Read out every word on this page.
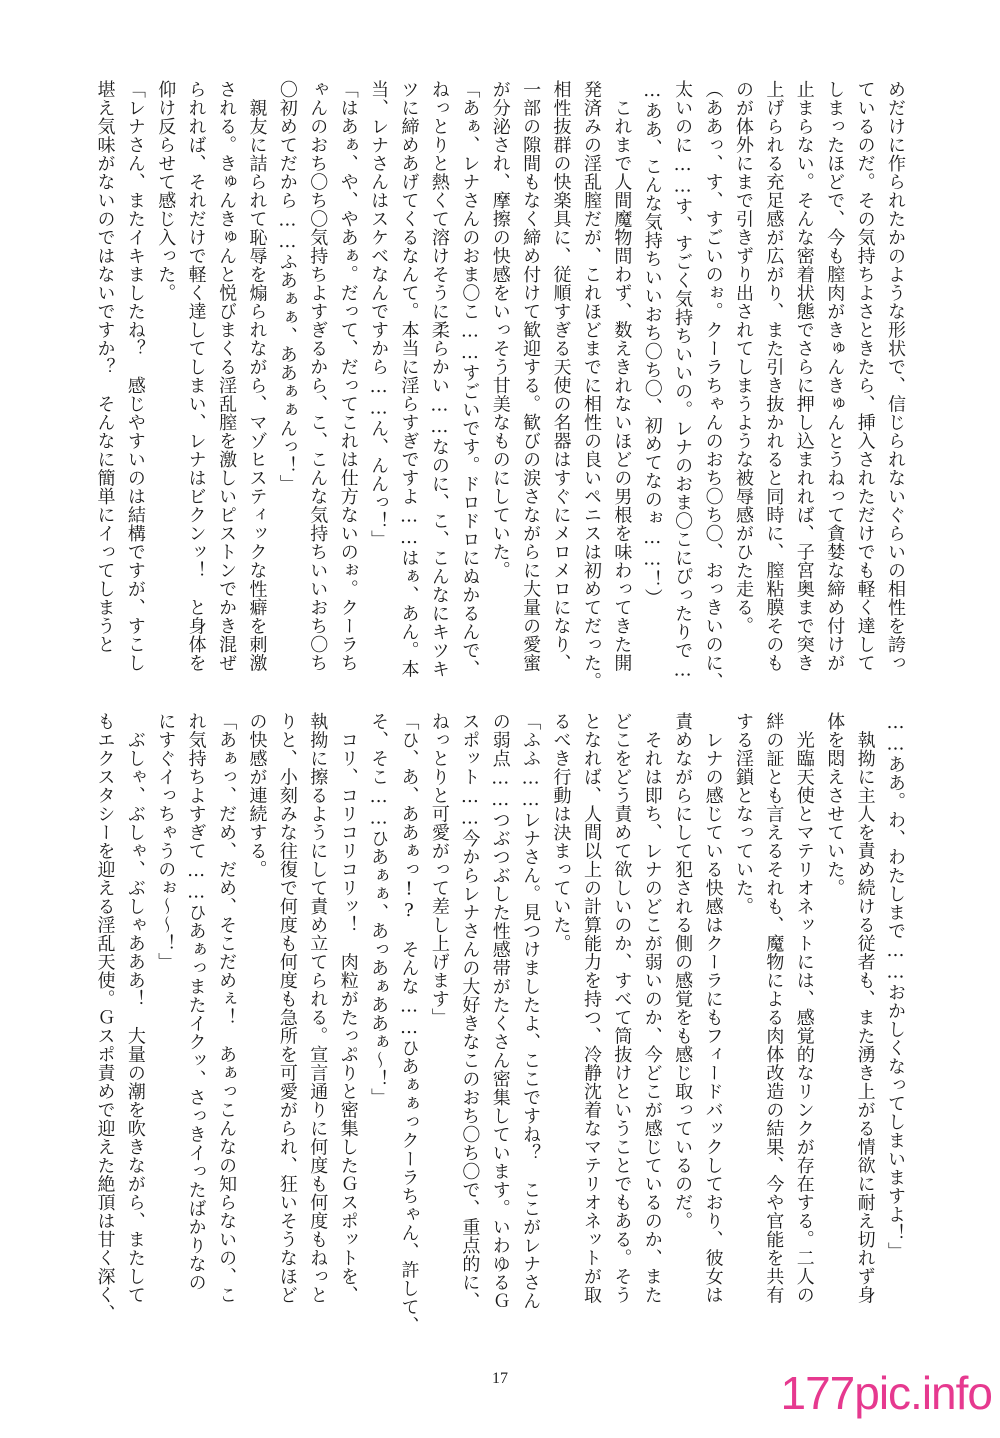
めだけに作られたかのような形状で、信じられないぐらいの相性を誇っ

ているのだ。その気持ちよさときたら、挿入されただけでも軽く達して

しまったほどで、今も膣肉がきゅんきゅんとうねって貪婪な締め付けが

止まらない。そんな密着状態でさらに押し込まれれば、子宮奥まで突き

上げられる充足感が広がり、また引き抜かれると同時に、膣粘膜そのも

のが体外にまで引きずり出されてしまうような被辱感がひた走る。

（ああっ、す、すごいのぉ。クーラちゃんのおち〇ち〇、おっきいのに、

太いのに……す、すごく気持ちいいの。レナのおま〇こにぴったりで…

…ああ、こんな気持ちいいおち〇ち〇、初めてなのぉ……！）

　これまで人間魔物問わず、数えきれないほどの男根を味わってきた開

発済みの淫乱膣だが、これほどまでに相性の良いペニスは初めてだった。

相性抜群の快楽具に、従順すぎる天使の名器はすぐにメロメロになり、

一部の隙間もなく締め付けて歓迎する。歓びの涙さながらに大量の愛蜜

が分泌され、摩擦の快感をいっそう甘美なものにしていた。

「あぁ、レナさんのおま〇こ……すごいです。ドロドロにぬかるんで、

ねっとりと熱くて溶けそうに柔らかい……なのに、こ、こんなにキツキ

ツに締めあげてくるなんて。本当に淫らすぎですよ……はぁ、あん。本

当、レナさんはスケベなんですから……ん、んんっ！」

「はあぁ、や、やあぁ。だって、だってこれは仕方ないのぉ。クーラち

ゃんのおち〇ち〇気持ちよすぎるから、こ、こんな気持ちいいおち〇ち

〇初めてだから……ふあぁぁ、ああぁぁんっ！」

　親友に詰られて恥辱を煽られながら、マゾヒスティックな性癖を刺激

される。きゅんきゅんと悦びまくる淫乱膣を激しいピストンでかき混ぜ

られれば、それだけで軽く達してしまい、レナはビクンッ！　と身体を

仰け反らせて感じ入った。

「レナさん、またイキましたね？　感じやすいのは結構ですが、すこし

堪え気味がないのではないですか？　そんなに簡単にイってしまうと

……ああ。わ、わたしまで……おかしくなってしまいますよ！」

　執拗に主人を責め続ける従者も、また湧き上がる情欲に耐え切れず身

体を悶えさせていた。

　光臨天使とマテリオネットには、感覚的なリンクが存在する。二人の

絆の証とも言えるそれも、魔物による肉体改造の結果、今や官能を共有

する淫鎖となっていた。

　レナの感じている快感はクーラにもフィードバックしており、彼女は

責めながらにして犯される側の感覚をも感じ取っているのだ。

　それは即ち、レナのどこが弱いのか、今どこが感じているのか、また

どこをどう責めて欲しいのか、すべて筒抜けということでもある。そう

となれば、人間以上の計算能力を持つ、冷静沈着なマテリオネットが取

るべき行動は決まっていた。

「ふふ……レナさん。見つけましたよ、ここですね？　ここがレナさん

の弱点……つぶつぶした性感帯がたくさん密集しています。いわゆるＧ

スポット……今からレナさんの大好きなこのおち〇ち〇で、重点的に、

ねっとりと可愛がって差し上げます」

「ひ、あ、ああぁっ!?　そんな……ひあぁぁっクーラちゃん、許して、

そ、そこ……ひあぁぁ、あっあぁああぁ～！」

　コリ、コリコリコリッ！　肉粒がたっぷりと密集したＧスポットを、

執拗に擦るようにして責め立てられる。宣言通りに何度も何度もねっと

りと、小刻みな往復で何度も何度も急所を可愛がられ、狂いそうなほど

の快感が連続する。

「あぁっ、だめ、だめ、そこだめぇ！　あぁっこんなの知らないの、こ

れ気持ちよすぎて……ひあぁっまたイクッ、さっきイったばかりなの

にすぐイっちゃうのぉ～～！」

　ぶしゃ、ぶしゃ、ぶしゃあああ！　大量の潮を吹きながら、またして

もエクスタシーを迎える淫乱天使。Ｇスポ責めで迎えた絶頂は甘く深く、

17	177pic.info
